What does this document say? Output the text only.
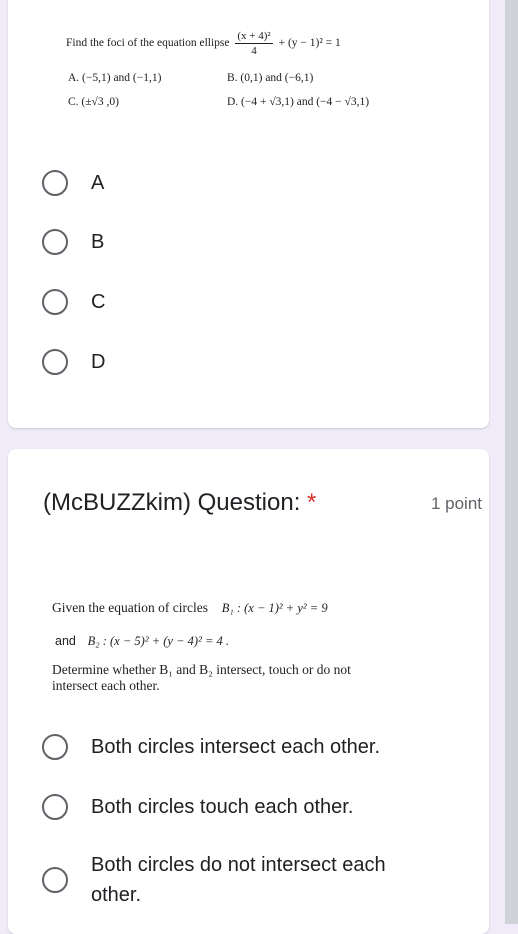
Find the foci of the equation ellipse $\frac{\text{(x + 4)²}}{4} + (y - 1)^2 = 1$
A. (−5,1) and (−1,1)	B. (0,1) and (−6,1)
C. (±√3 ,0)	D. (−4 + √3,1) and (−4 − √3,1)
A
B
C
D
(McBUZZkim) Question: *	1 point
Given the equation of circles B₁ : (x − 1)² + y² = 9
and B₂ : (x − 5)² + (y − 4)² = 4 .
Determine whether B₁ and B₂ intersect, touch or do not intersect each other.
Both circles intersect each other.
Both circles touch each other.
Both circles do not intersect each other.
